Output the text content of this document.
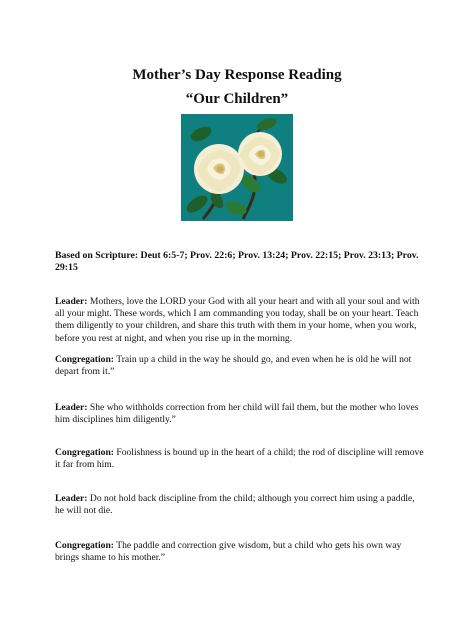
Mother’s Day Response Reading
“Our Children”
Based on Scripture: Deut 6:5-7; Prov. 22:6; Prov. 13:24; Prov. 22:15; Prov. 23:13; Prov. 29:15
Leader: Mothers, love the LORD your God with all your heart and with all your soul and with all your might. These words, which I am commanding you today, shall be on your heart. Teach them diligently to your children, and share this truth with them in your home, when you work, before you rest at night, and when you rise up in the morning.
Congregation: Train up a child in the way he should go, and even when he is old he will not depart from it.”
Leader: She who withholds correction from her child will fail them, but the mother who loves him disciplines him diligently.”
Congregation: Foolishness is bound up in the heart of a child; the rod of discipline will remove it far from him.
Leader: Do not hold back discipline from the child; although you correct him using a paddle, he will not die.
Congregation: The paddle and correction give wisdom, but a child who gets his own way brings shame to his mother.”
